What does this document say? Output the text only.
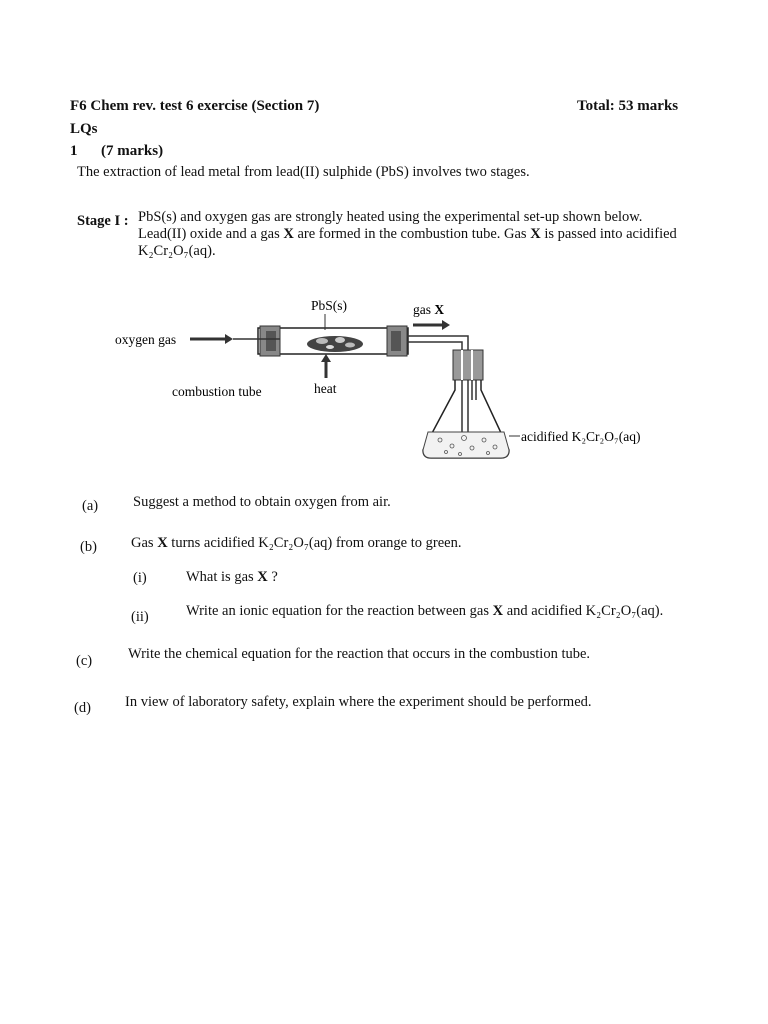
F6 Chem rev. test 6 exercise (Section 7)	Total: 53 marks
LQs
1 (7 marks)
The extraction of lead metal from lead(II) sulphide (PbS) involves two stages.
Stage I : PbS(s) and oxygen gas are strongly heated using the experimental set-up shown below.
Lead(II) oxide and a gas X are formed in the combustion tube. Gas X is passed into acidified
K₂Cr₂O₇(aq).
PbS(s)	gas X
oxygen gas
combustion tube	heat
acidified K₂Cr₂O₇(aq)
(a) Suggest a method to obtain oxygen from air.
(b) Gas X turns acidified K₂Cr₂O₇(aq) from orange to green.
(i)	What is gas X ?
(ii)	Write an ionic equation for the reaction between gas X and acidified K₂Cr₂O₇(aq).
(c) Write the chemical equation for the reaction that occurs in the combustion tube.
(d) In view of laboratory safety, explain where the experiment should be performed.
